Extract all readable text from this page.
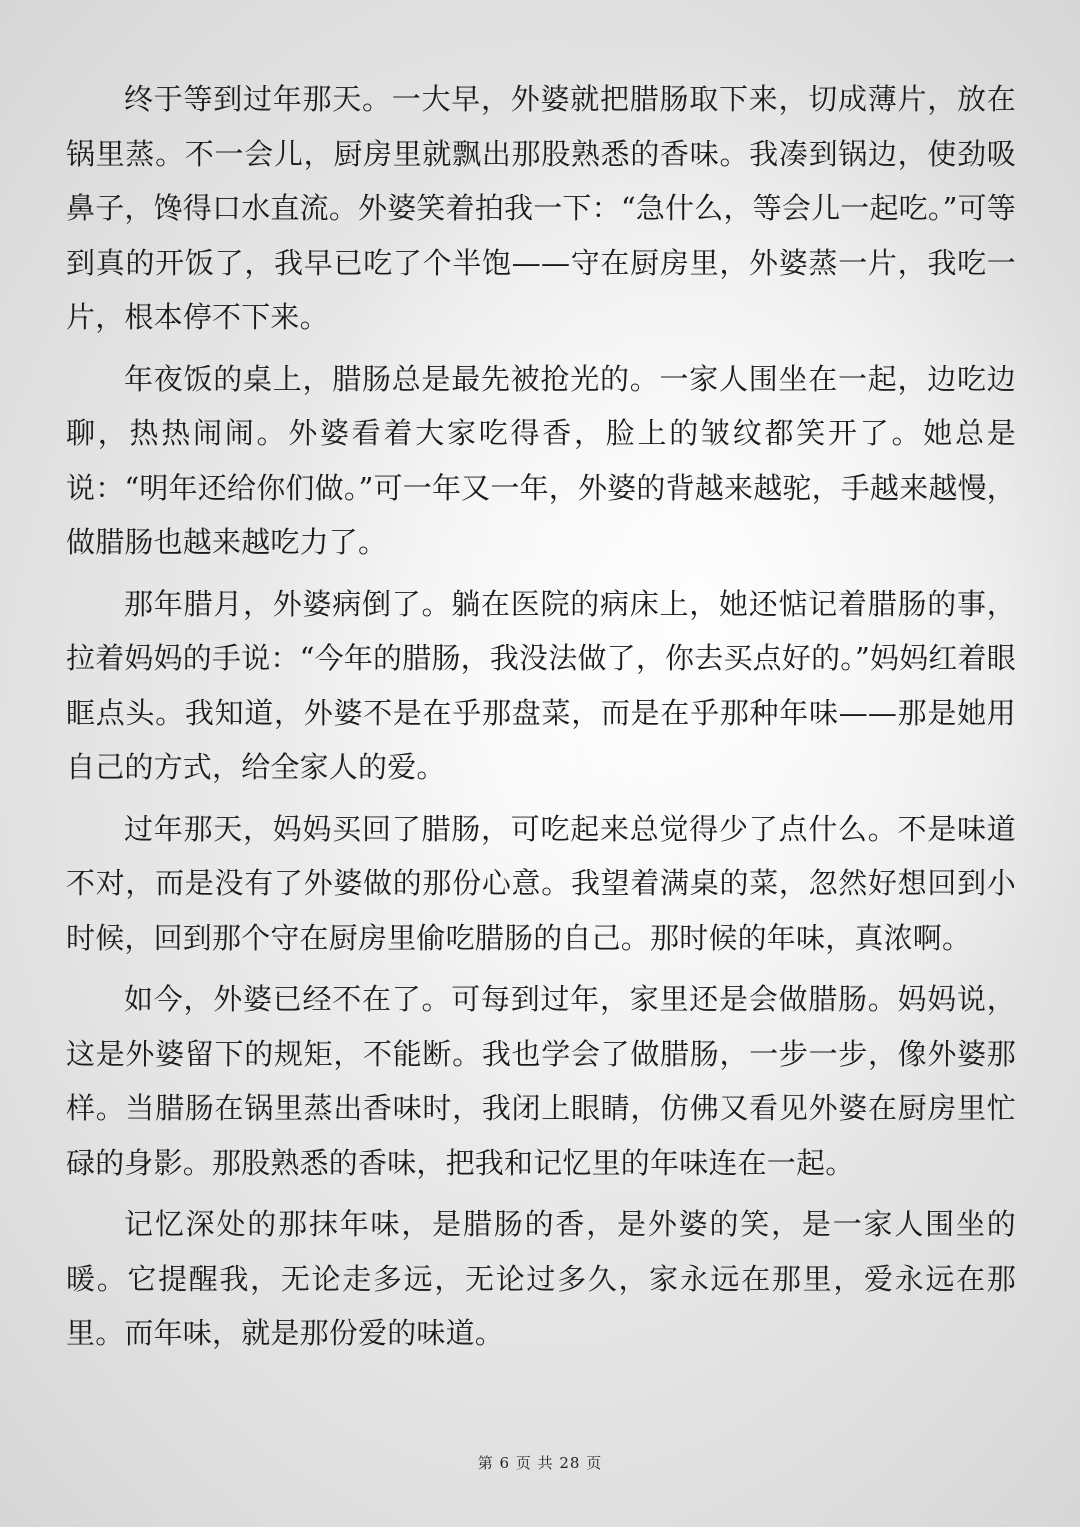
终于等到过年那天。一大早，外婆就把腊肠取下来，切成薄片，放在锅里蒸。不一会儿，厨房里就飘出那股熟悉的香味。我凑到锅边，使劲吸鼻子，馋得口水直流。外婆笑着拍我一下：“急什么，等会儿一起吃。”可等到真的开饭了，我早已吃了个半饱——守在厨房里，外婆蒸一片，我吃一片，根本停不下来。

年夜饭的桌上，腊肠总是最先被抢光的。一家人围坐在一起，边吃边聊，热热闹闹。外婆看着大家吃得香，脸上的皱纹都笑开了。她总是说：“明年还给你们做。”可一年又一年，外婆的背越来越驼，手越来越慢，做腊肠也越来越吃力了。

那年腊月，外婆病倒了。躺在医院的病床上，她还惦记着腊肠的事，拉着妈妈的手说：“今年的腊肠，我没法做了，你去买点好的。”妈妈红着眼眶点头。我知道，外婆不是在乎那盘菜，而是在乎那种年味——那是她用自己的方式，给全家人的爱。

过年那天，妈妈买回了腊肠，可吃起来总觉得少了点什么。不是味道不对，而是没有了外婆做的那份心意。我望着满桌的菜，忽然好想回到小时候，回到那个守在厨房里偷吃腊肠的自己。那时候的年味，真浓啊。

如今，外婆已经不在了。可每到过年，家里还是会做腊肠。妈妈说，这是外婆留下的规矩，不能断。我也学会了做腊肠，一步一步，像外婆那样。当腊肠在锅里蒸出香味时，我闭上眼睛，仿佛又看见外婆在厨房里忙碌的身影。那股熟悉的香味，把我和记忆里的年味连在一起。

记忆深处的那抹年味，是腊肠的香，是外婆的笑，是一家人围坐的暖。它提醒我，无论走多远，无论过多久，家永远在那里，爱永远在那里。而年味，就是那份爱的味道。

第 6 页 共 28 页
